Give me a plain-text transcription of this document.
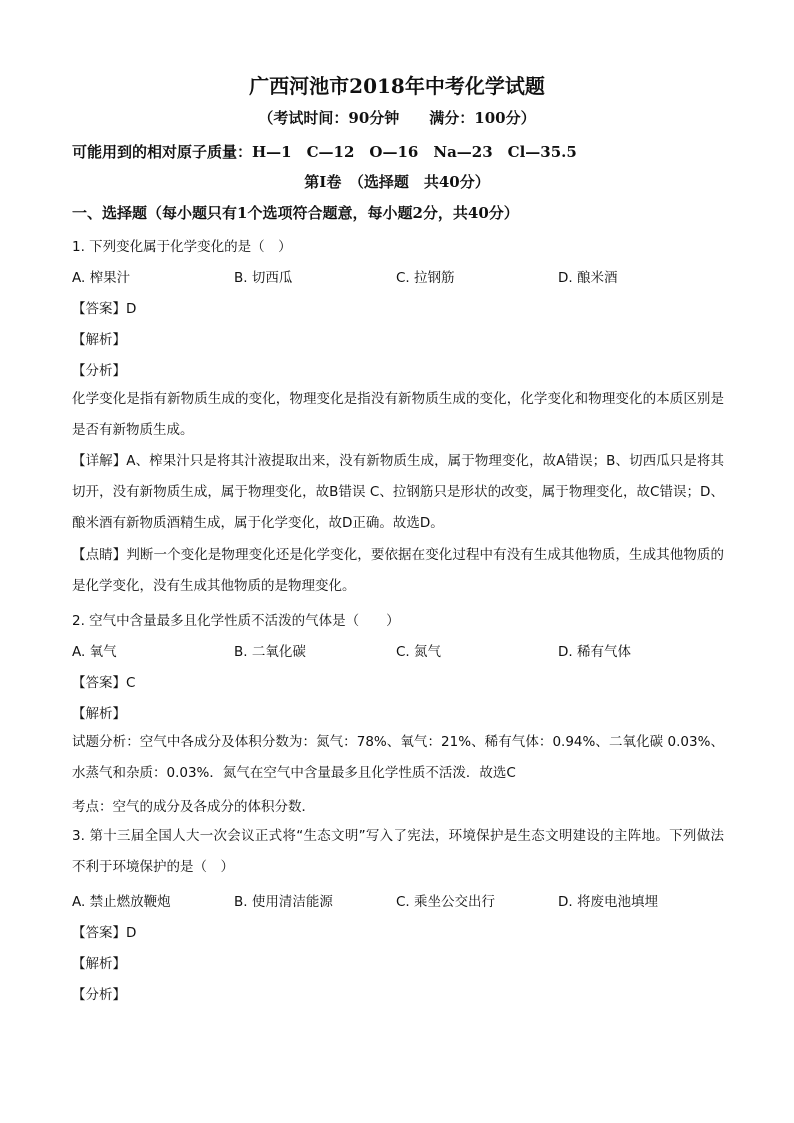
广西河池市2018年中考化学试题
（考试时间：90分钟　　满分：100分）
可能用到的相对原子质量：H—1　C—12　O—16　Na—23　Cl—35.5
第Ⅰ卷　（选择题　共40分）
一、选择题（每小题只有1个选项符合题意，每小题2分，共40分）
1. 下列变化属于化学变化的是（　）
A. 榨果汁	B. 切西瓜	C. 拉钢筋	D. 酿米酒
【答案】D
【解析】
【分析】
化学变化是指有新物质生成的变化，物理变化是指没有新物质生成的变化，化学变化和物理变化的本质区别是是否有新物质生成。
【详解】A、榨果汁只是将其汁液提取出来，没有新物质生成，属于物理变化，故A错误；B、切西瓜只是将其切开，没有新物质生成，属于物理变化，故B错误 C、拉钢筋只是形状的改变，属于物理变化，故C错误；D、酿米酒有新物质酒精生成，属于化学变化，故D正确。故选D。
【点睛】判断一个变化是物理变化还是化学变化，要依据在变化过程中有没有生成其他物质，生成其他物质的是化学变化，没有生成其他物质的是物理变化。
2. 空气中含量最多且化学性质不活泼的气体是（　　）
A. 氧气	B. 二氧化碳	C. 氮气	D. 稀有气体
【答案】C
【解析】
试题分析：空气中各成分及体积分数为：氮气：78%、氧气：21%、稀有气体：0.94%、二氧化碳 0.03%、水蒸气和杂质：0.03%．氮气在空气中含量最多且化学性质不活泼．故选C
考点：空气的成分及各成分的体积分数．
3. 第十三届全国人大一次会议正式将“生态文明”写入了宪法，环境保护是生态文明建设的主阵地。下列做法不利于环境保护的是（　）
A. 禁止燃放鞭炮	B. 使用清洁能源	C. 乘坐公交出行	D. 将废电池填埋
【答案】D
【解析】
【分析】
